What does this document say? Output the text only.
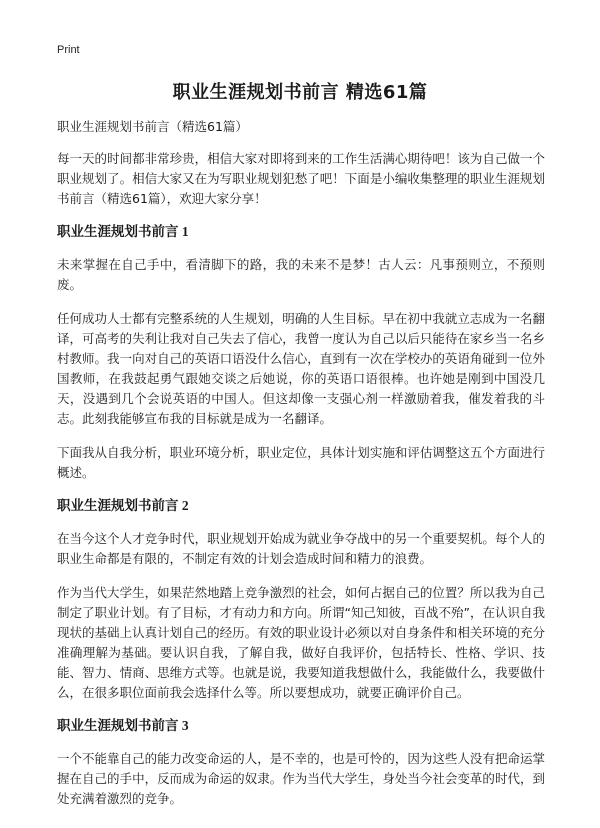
Print
职业生涯规划书前言 精选61篇
职业生涯规划书前言（精选61篇）

每一天的时间都非常珍贵，相信大家对即将到来的工作生活满心期待吧！该为自己做一个职业规划了。相信大家又在为写职业规划犯愁了吧！下面是小编收集整理的职业生涯规划书前言（精选61篇），欢迎大家分享！

职业生涯规划书前言 1

未来掌握在自己手中，看清脚下的路，我的未来不是梦！古人云：凡事预则立，不预则废。

任何成功人士都有完整系统的人生规划，明确的人生目标。早在初中我就立志成为一名翻译，可高考的失利让我对自己失去了信心，我曾一度认为自己以后只能待在家乡当一名乡村教师。我一向对自己的英语口语没什么信心，直到有一次在学校办的英语角碰到一位外国教师，在我鼓起勇气跟她交谈之后她说，你的英语口语很棒。也许她是刚到中国没几天，没遇到几个会说英语的中国人。但这却像一支强心剂一样激励着我，催发着我的斗志。此刻我能够宣布我的目标就是成为一名翻译。

下面我从自我分析，职业环境分析，职业定位，具体计划实施和评估调整这五个方面进行概述。

职业生涯规划书前言 2

在当今这个人才竞争时代，职业规划开始成为就业争夺战中的另一个重要契机。每个人的职业生命都是有限的，不制定有效的计划会造成时间和精力的浪费。

作为当代大学生，如果茫然地踏上竞争激烈的社会，如何占据自己的位置？所以我为自己制定了职业计划。有了目标，才有动力和方向。所谓“知己知彼，百战不殆”，在认识自我现状的基础上认真计划自己的经历。有效的职业设计必须以对自身条件和相关环境的充分准确理解为基础。要认识自我，了解自我，做好自我评价，包括特长、性格、学识、技能、智力、情商、思维方式等。也就是说，我要知道我想做什么，我能做什么，我要做什么，在很多职位面前我会选择什么等。所以要想成功，就要正确评价自己。

职业生涯规划书前言 3

一个不能靠自己的能力改变命运的人，是不幸的，也是可怜的，因为这些人没有把命运掌握在自己的手中，反而成为命运的奴隶。作为当代大学生，身处当今社会变革的时代，到处充满着激烈的竞争。
